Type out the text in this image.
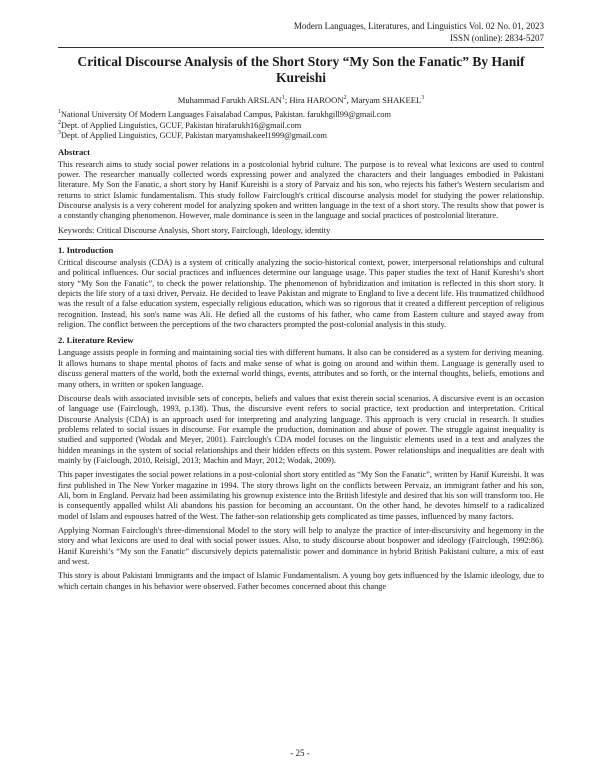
Modern Languages, Literatures, and Linguistics Vol. 02 No. 01, 2023
ISSN (online): 2834-5207
Critical Discourse Analysis of the Short Story “My Son the Fanatic” By Hanif Kureishi
Muhammad Farukh ARSLAN$^1$; Hira HAROON$^2$, Maryam SHAKEEL$^3$
$^1$National University Of Modern Languages Faisalabad Campus, Pakistan. farukhgill99@gmail.com
$^2$Dept. of Applied Linguistics, GCUF, Pakistan hirafarukh16@gmail.com
$^3$Dept. of Applied Linguistics, GCUF, Pakistan maryamshakeel1999@gmail.com
Abstract

This research aims to study social power relations in a postcolonial hybrid culture. The purpose is to reveal what lexicons are used to control power. The researcher manually collected words expressing power and analyzed the characters and their languages embodied in Pakistani literature. My Son the Fanatic, a short story by Hanif Kureishi is a story of Parvaiz and his son, who rejects his father's Western secularism and returns to strict Islamic fundamentalism. This study follow Fairclough's critical discourse analysis model for studying the power relationship. Discourse analysis is a very coherent model for analyzing spoken and written language in the text of a short story. The results show that power is a constantly changing phenomenon. However, male dominance is seen in the language and social practices of postcolonial literature.

Keywords: Critical Discourse Analysis, Short story, Fairclough, Ideology, identity
1. Introduction

Critical discourse analysis (CDA) is a system of critically analyzing the socio-historical context, power, interpersonal relationships and cultural and political influences. Our social practices and influences determine our language usage. This paper studies the text of Hanif Kureshi’s short story “My Son the Fanatic”, to check the power relationship. The phenomenon of hybridization and imitation is reflected in this short story. It depicts the life story of a taxi driver, Pervaiz. He decided to leave Pakistan and migrate to England to live a decent life. His traumatized childhood was the result of a false education system, especially religious education, which was so rigorous that it created a different perception of religious recognition. Instead, his son's name was Ali. He defied all the customs of his father, who came from Eastern culture and stayed away from religion. The conflict between the perceptions of the two characters prompted the post-colonial analysis in this study.

2. Literature Review

Language assists people in forming and maintaining social ties with different humans. It also can be considered as a system for deriving meaning. It allows humans to shape mental photos of facts and make sense of what is going on around and within them. Language is generally used to discuss general matters of the world, both the external world things, events, attributes and so forth, or the internal thoughts, beliefs, emotions and many others, in written or spoken language.

Discourse deals with associated invisible sets of concepts, beliefs and values that exist therein social scenarios. A discursive event is an occasion of language use (Fairclough, 1993, p.138). Thus, the discursive event refers to social practice, text production and interpretation. Critical Discourse Analysis (CDA) is an approach used for interpreting and analyzing language. This approach is very crucial in research. It studies problems related to social issues in discourse. For example the production, domination and abuse of power. The struggle against inequality is studied and supported (Wodak and Meyer, 2001). Fairclough's CDA model focuses on the linguistic elements used in a text and analyzes the hidden meanings in the system of social relationships and their hidden effects on this system. Power relationships and inequalities are dealt with mainly by (Faiclough, 2010, Reisigl, 2013; Machin and Mayr, 2012; Wodak, 2009).

This paper investigates the social power relations in a post-colonial short story entitled as “My Son the Fanatic”, written by Hanif Kureishi. It was first published in The New Yorker magazine in 1994. The story throws light on the conflicts between Pervaiz, an immigrant father and his son, Ali, born in England. Pervaiz had been assimilating his grownup existence into the British lifestyle and desired that his son will transform too. He is consequently appalled whilst Ali abandons his passion for becoming an accountant. On the other hand, he devotes himself to a radicalized model of Islam and espouses hatred of the West. The father-son relationship gets complicated as time passes, influenced by many factors.

Applying Norman Fairclough's three-dimensional Model to the story will help to analyze the practice of inter-discursivity and hegemony in the story and what lexicons are used to deal with social power issues. Also, to study discourse about bospower and ideology (Fairclough, 1992:86). Hanif Kureishi’s “My son the Fanatic” discursively depicts paternalistic power and dominance in hybrid British Pakistani culture, a mix of east and west.

This story is about Pakistani Immigrants and the impact of Islamic Fundamentalism. A young boy gets influenced by the Islamic ideology, due to which certain changes in his behavior were observed. Father becomes concerned about this change

- 25 -
